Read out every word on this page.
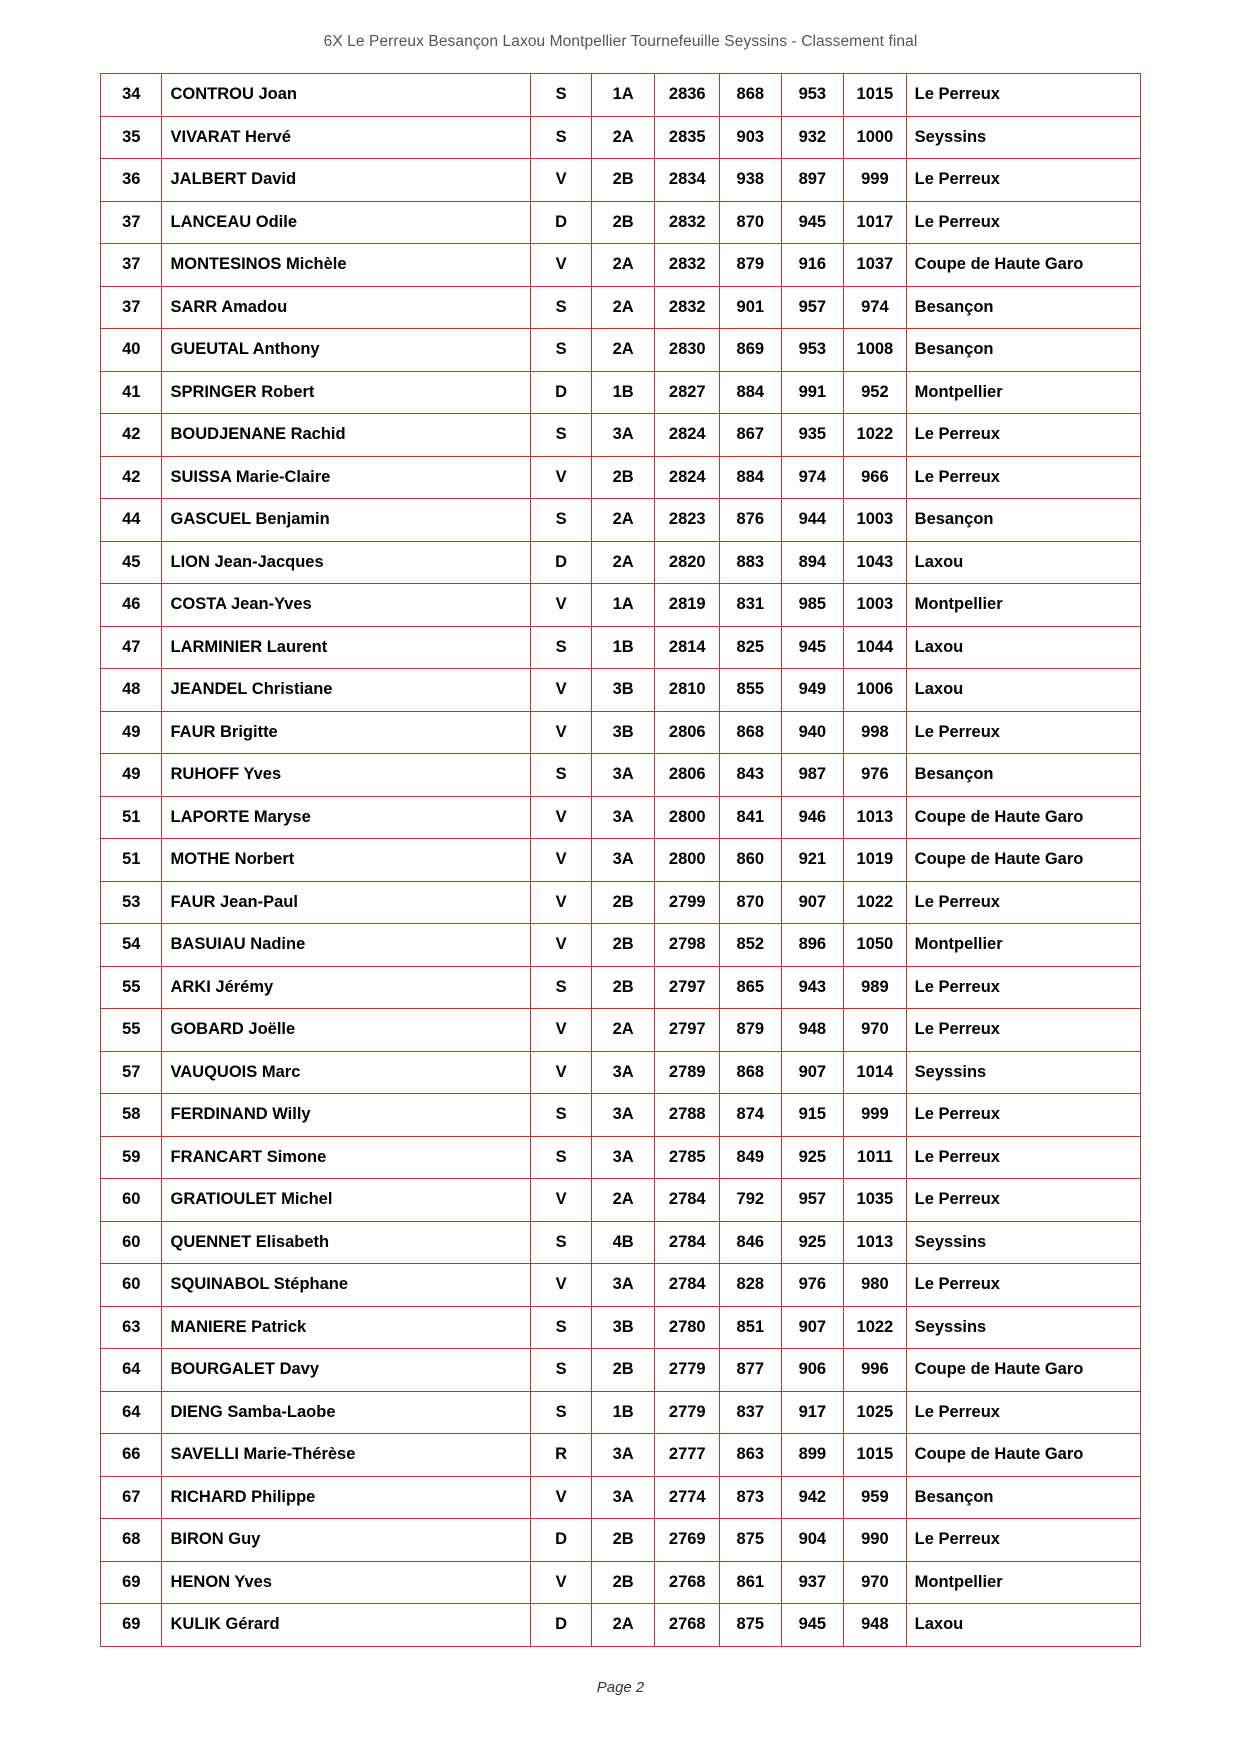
6X Le Perreux Besançon Laxou Montpellier Tournefeuille Seyssins - Classement final
34	CONTROU Joan	S	1A	2836	868	953	1015	Le Perreux
35	VIVARAT Hervé	S	2A	2835	903	932	1000	Seyssins
36	JALBERT David	V	2B	2834	938	897	999	Le Perreux
37	LANCEAU Odile	D	2B	2832	870	945	1017	Le Perreux
37	MONTESINOS Michèle	V	2A	2832	879	916	1037	Coupe de Haute Garo
37	SARR Amadou	S	2A	2832	901	957	974	Besançon
40	GUEUTAL Anthony	S	2A	2830	869	953	1008	Besançon
41	SPRINGER Robert	D	1B	2827	884	991	952	Montpellier
42	BOUDJENANE Rachid	S	3A	2824	867	935	1022	Le Perreux
42	SUISSA Marie-Claire	V	2B	2824	884	974	966	Le Perreux
44	GASCUEL Benjamin	S	2A	2823	876	944	1003	Besançon
45	LION Jean-Jacques	D	2A	2820	883	894	1043	Laxou
46	COSTA Jean-Yves	V	1A	2819	831	985	1003	Montpellier
47	LARMINIER Laurent	S	1B	2814	825	945	1044	Laxou
48	JEANDEL Christiane	V	3B	2810	855	949	1006	Laxou
49	FAUR Brigitte	V	3B	2806	868	940	998	Le Perreux
49	RUHOFF Yves	S	3A	2806	843	987	976	Besançon
51	LAPORTE Maryse	V	3A	2800	841	946	1013	Coupe de Haute Garo
51	MOTHE Norbert	V	3A	2800	860	921	1019	Coupe de Haute Garo
53	FAUR Jean-Paul	V	2B	2799	870	907	1022	Le Perreux
54	BASUIAU Nadine	V	2B	2798	852	896	1050	Montpellier
55	ARKI Jérémy	S	2B	2797	865	943	989	Le Perreux
55	GOBARD Joëlle	V	2A	2797	879	948	970	Le Perreux
57	VAUQUOIS Marc	V	3A	2789	868	907	1014	Seyssins
58	FERDINAND Willy	S	3A	2788	874	915	999	Le Perreux
59	FRANCART Simone	S	3A	2785	849	925	1011	Le Perreux
60	GRATIOULET Michel	V	2A	2784	792	957	1035	Le Perreux
60	QUENNET Elisabeth	S	4B	2784	846	925	1013	Seyssins
60	SQUINABOL Stéphane	V	3A	2784	828	976	980	Le Perreux
63	MANIERE Patrick	S	3B	2780	851	907	1022	Seyssins
64	BOURGALET Davy	S	2B	2779	877	906	996	Coupe de Haute Garo
64	DIENG Samba-Laobe	S	1B	2779	837	917	1025	Le Perreux
66	SAVELLI Marie-Thérèse	R	3A	2777	863	899	1015	Coupe de Haute Garo
67	RICHARD Philippe	V	3A	2774	873	942	959	Besançon
68	BIRON Guy	D	2B	2769	875	904	990	Le Perreux
69	HENON Yves	V	2B	2768	861	937	970	Montpellier
69	KULIK Gérard	D	2A	2768	875	945	948	Laxou
Page 2
